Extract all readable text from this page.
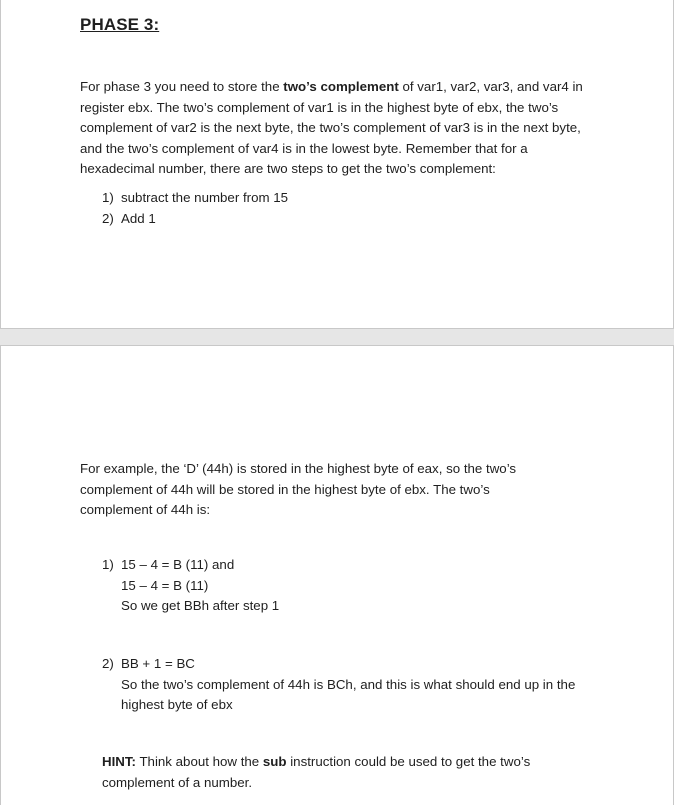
PHASE 3:

For phase 3 you need to store the two’s complement of var1, var2, var3, and var4 in register ebx. The two’s complement of var1 is in the highest byte of ebx, the two’s complement of var2 is the next byte, the two’s complement of var3 is in the next byte, and the two’s complement of var4 is in the lowest byte. Remember that for a hexadecimal number, there are two steps to get the two’s complement:

1) subtract the number from 15
2) Add 1

For example, the ‘D’ (44h) is stored in the highest byte of eax, so the two’s complement of 44h will be stored in the highest byte of ebx. The two’s complement of 44h is:

1) 15 – 4 = B (11) and
15 – 4 = B (11)
So we get BBh after step 1
2) BB + 1 = BC
So the two’s complement of 44h is BCh, and this is what should end up in the highest byte of ebx

HINT: Think about how the sub instruction could be used to get the two’s complement of a number.
